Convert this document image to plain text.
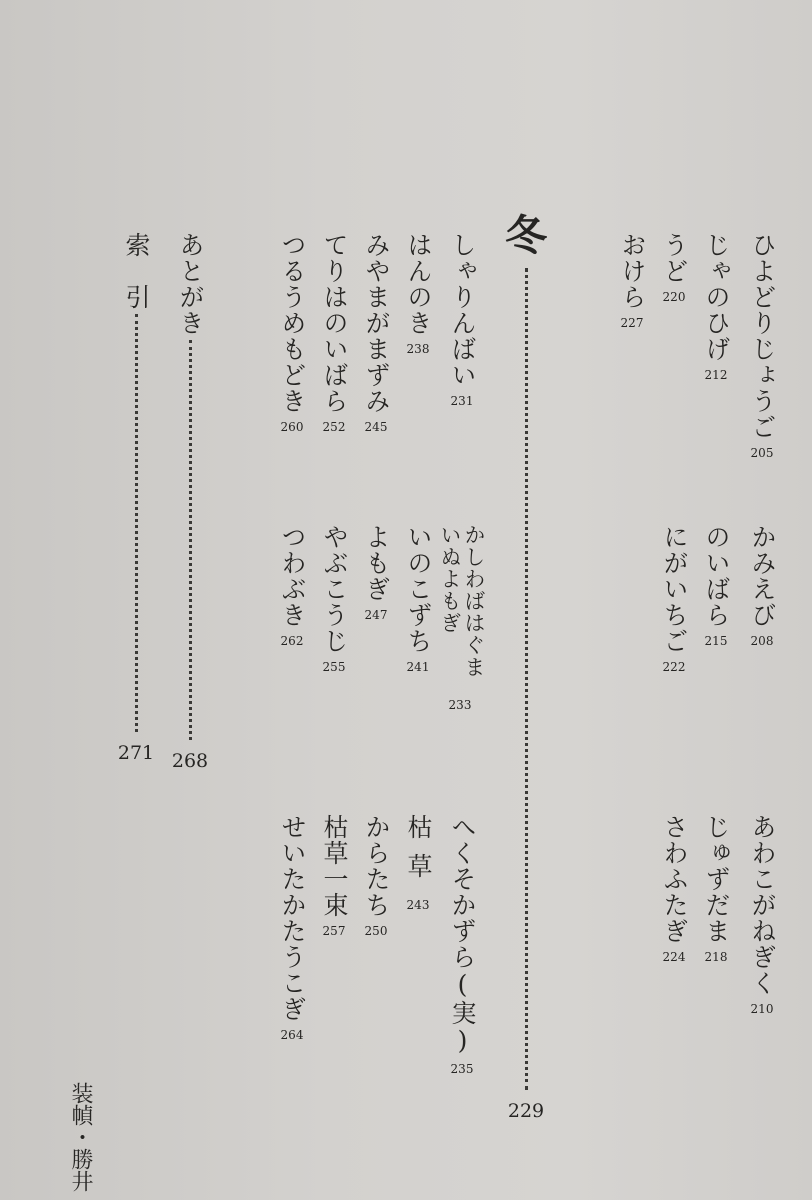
ひよどりじょうご
205
かみえび
208
あわこがねぎく
210
じゃのひげ
212
のいばら
215
じゅずだま
218
うど
220
にがいちご
222
さわふたぎ
224
おけら
227
冬
229
しゃりんばい
231
かしわばはぐま
いぬよもぎ
233
へくそかずら(実)
235
はんのき
238
いのこずち
241
枯草
243
みやまがまずみ
245
よもぎ
247
からたち
250
てりはのいばら
252
やぶこうじ
255
枯草一束
257
つるうめもどき
260
つわぶき
262
せいたかたうこぎ
264
あとがき
268
索　引
271
装幀・勝井
